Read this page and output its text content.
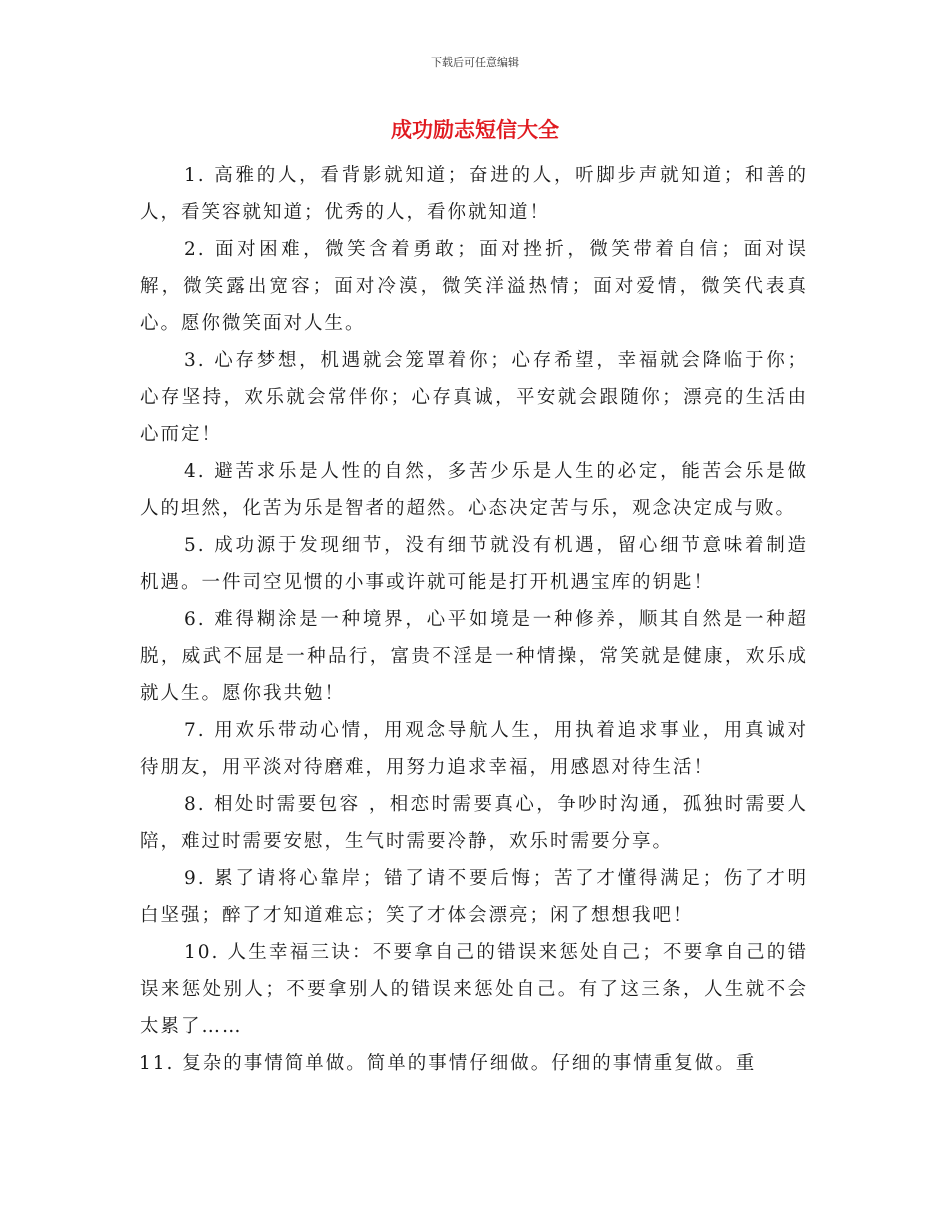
下载后可任意编辑
成功励志短信大全

1. 高雅的人，看背影就知道；奋进的人，听脚步声就知道；和善的人，看笑容就知道；优秀的人，看你就知道！

2. 面对困难，微笑含着勇敢；面对挫折，微笑带着自信；面对误解，微笑露出宽容；面对冷漠，微笑洋溢热情；面对爱情，微笑代表真心。愿你微笑面对人生。

3. 心存梦想，机遇就会笼罩着你；心存希望，幸福就会降临于你；心存坚持，欢乐就会常伴你；心存真诚，平安就会跟随你；漂亮的生活由心而定！

4. 避苦求乐是人性的自然，多苦少乐是人生的必定，能苦会乐是做人的坦然，化苦为乐是智者的超然。心态决定苦与乐，观念决定成与败。

5. 成功源于发现细节，没有细节就没有机遇，留心细节意味着制造机遇。一件司空见惯的小事或许就可能是打开机遇宝库的钥匙！

6. 难得糊涂是一种境界，心平如境是一种修养，顺其自然是一种超脱，威武不屈是一种品行，富贵不淫是一种情操，常笑就是健康，欢乐成就人生。愿你我共勉！

7. 用欢乐带动心情，用观念导航人生，用执着追求事业，用真诚对待朋友，用平淡对待磨难，用努力追求幸福，用感恩对待生活！

8. 相处时需要包容 ，相恋时需要真心，争吵时沟通，孤独时需要人陪，难过时需要安慰，生气时需要冷静，欢乐时需要分享。

9. 累了请将心靠岸；错了请不要后悔；苦了才懂得满足；伤了才明白坚强；醉了才知道难忘；笑了才体会漂亮；闲了想想我吧！

10. 人生幸福三诀：不要拿自己的错误来惩处自己；不要拿自己的错误来惩处别人；不要拿别人的错误来惩处自己。有了这三条，人生就不会太累了……

11. 复杂的事情简单做。简单的事情仔细做。仔细的事情重复做。重
